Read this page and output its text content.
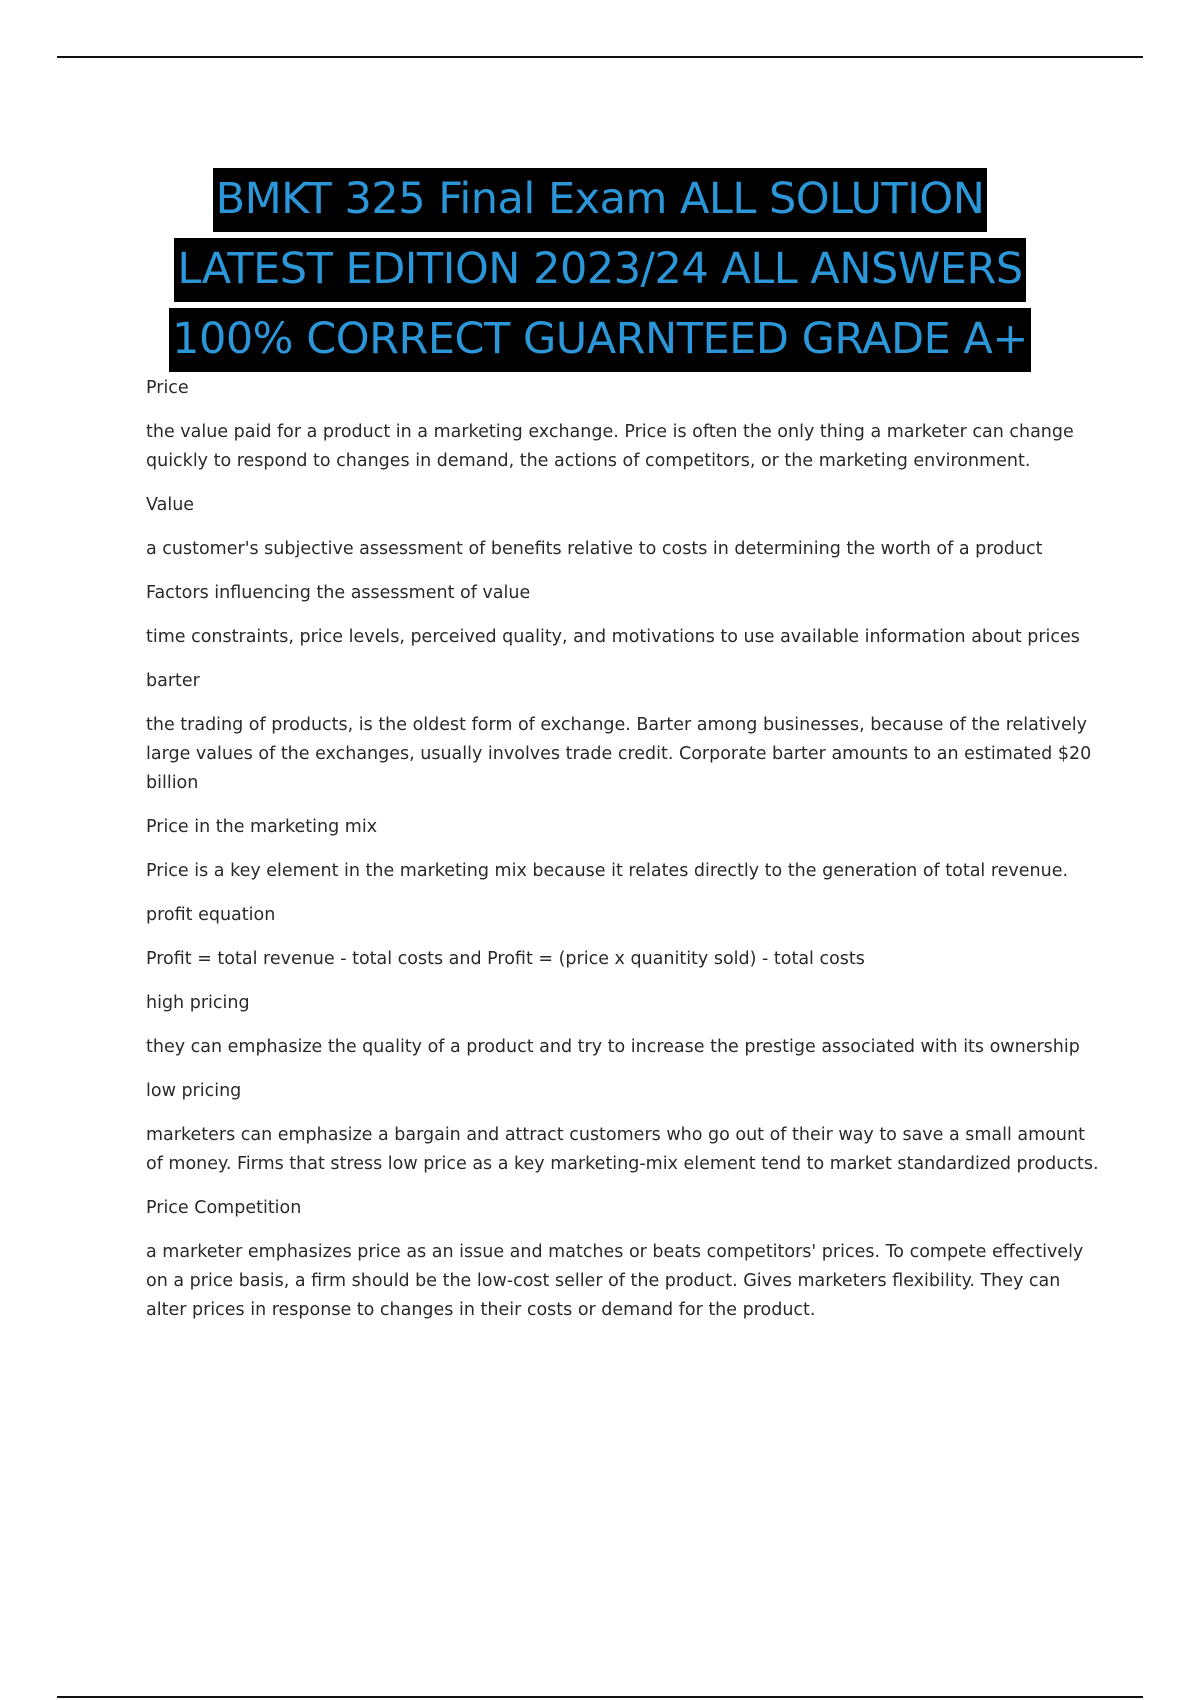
BMKT 325 Final Exam ALL SOLUTION
LATEST EDITION 2023/24 ALL ANSWERS
100% CORRECT GUARNTEED GRADE A+

Price

the value paid for a product in a marketing exchange. Price is often the only thing a marketer can change quickly to respond to changes in demand, the actions of competitors, or the marketing environment.

Value

a customer's subjective assessment of benefits relative to costs in determining the worth of a product

Factors influencing the assessment of value

time constraints, price levels, perceived quality, and motivations to use available information about prices

barter

the trading of products, is the oldest form of exchange. Barter among businesses, because of the relatively large values of the exchanges, usually involves trade credit. Corporate barter amounts to an estimated $20 billion

Price in the marketing mix

Price is a key element in the marketing mix because it relates directly to the generation of total revenue.

profit equation

Profit = total revenue - total costs and Profit = (price x quanitity sold) - total costs

high pricing

they can emphasize the quality of a product and try to increase the prestige associated with its ownership

low pricing

marketers can emphasize a bargain and attract customers who go out of their way to save a small amount of money. Firms that stress low price as a key marketing-mix element tend to market standardized products.

Price Competition

a marketer emphasizes price as an issue and matches or beats competitors' prices. To compete effectively on a price basis, a firm should be the low-cost seller of the product. Gives marketers flexibility. They can alter prices in response to changes in their costs or demand for the product.
